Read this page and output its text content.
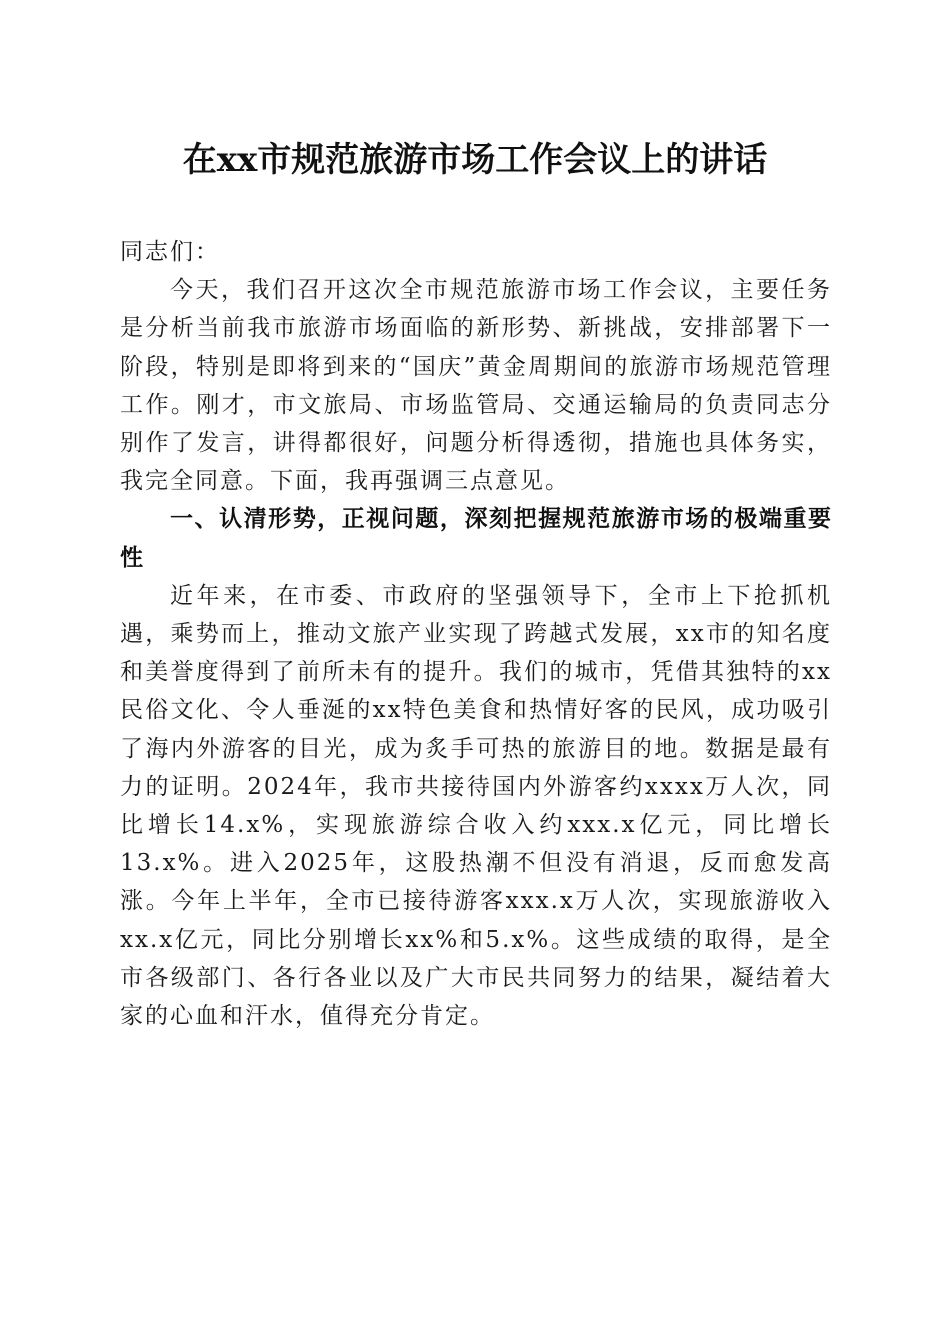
在xx市规范旅游市场工作会议上的讲话

同志们：

今天，我们召开这次全市规范旅游市场工作会议，主要任务是分析当前我市旅游市场面临的新形势、新挑战，安排部署下一阶段，特别是即将到来的“国庆”黄金周期间的旅游市场规范管理工作。刚才，市文旅局、市场监管局、交通运输局的负责同志分别作了发言，讲得都很好，问题分析得透彻，措施也具体务实，我完全同意。下面，我再强调三点意见。

一、认清形势，正视问题，深刻把握规范旅游市场的极端重要性

近年来，在市委、市政府的坚强领导下，全市上下抢抓机遇，乘势而上，推动文旅产业实现了跨越式发展，xx市的知名度和美誉度得到了前所未有的提升。我们的城市，凭借其独特的xx民俗文化、令人垂涎的xx特色美食和热情好客的民风，成功吸引了海内外游客的目光，成为炙手可热的旅游目的地。数据是最有力的证明。2024年，我市共接待国内外游客约xxxx万人次，同比增长14.x%，实现旅游综合收入约xxx.x亿元，同比增长13.x%。进入2025年，这股热潮不但没有消退，反而愈发高涨。今年上半年，全市已接待游客xxx.x万人次，实现旅游收入xx.x亿元，同比分别增长xx%和5.x%。这些成绩的取得，是全市各级部门、各行各业以及广大市民共同努力的结果，凝结着大家的心血和汗水，值得充分肯定。
